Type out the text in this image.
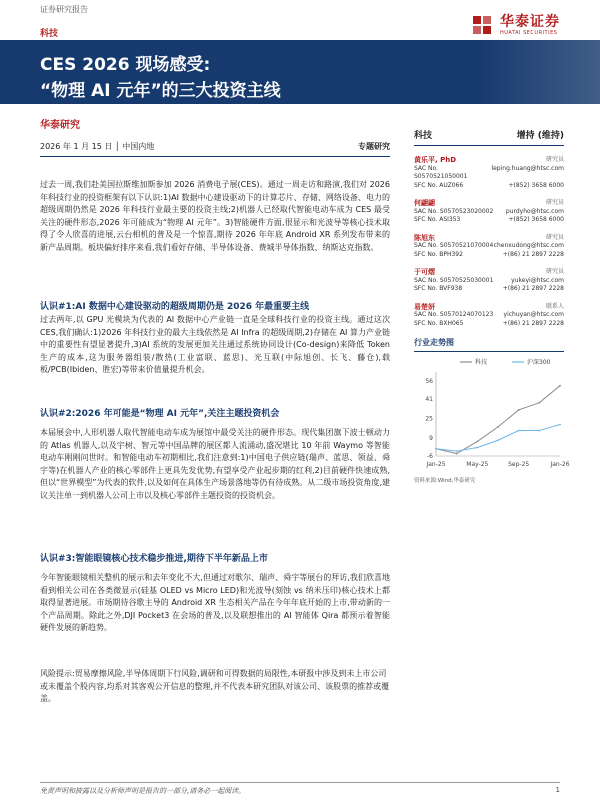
证券研究报告
科技
华泰证券
HUATAI SECURITIES
CES 2026 现场感受:
“物理 AI 元年”的三大投资主线
华泰研究
2026 年 1 月 15 日 │ 中国内地	专题研究
过去一周,我们赴美国拉斯维加斯参加 2026 消费电子展(CES)。通过一周走访和路演,我们对 2026 年科技行业的投资框架有以下认识:1)AI 数据中心建设驱动下的计算芯片、存储、网络设备、电力的超级周期仍然是 2026 年科技行业最主要的投资主线;2)机器人已经取代智能电动车成为 CES 最受关注的硬件形态,2026 年可能成为“物理 AI 元年”。3)智能硬件方面,很显示和光波导等核心技术取得了令人欣喜的进展,云台相机的普及是一个惊喜,期待 2026 年年底 Android XR 系列发布带来的新产品周期。板块偏好排序来看,我们看好存储、半导体设备、费城半导体指数、纳斯达克指数。
认识#1:AI 数据中心建设驱动的超级周期仍是 2026 年最重要主线
过去两年,以 GPU 光模块为代表的 AI 数据中心产业链一直是全球科技行业的投资主线。通过这次 CES,我们确认:1)2026 年科技行业的最大主线依然是 AI Infra 的超级周期,2)存储在 AI 算力产业链中的重要性有望显著提升,3)AI 系统的发展更加关注通过系统协同设计(Co-design)来降低 Token 生产的成本,这为服务器组装/散热(工业富联、蓝思)、光互联(中际旭创、长飞、藤仓),载板/PCB(Ibiden、胜宏)等带来价值量提升机会。
认识#2:2026 年可能是“物理 AI 元年”,关注主题投资机会
本届展会中,人形机器人取代智能电动车成为展馆中最受关注的硬件形态。现代集团旗下波士顿动力的 Atlas 机器人,以及宇树、智元等中国品牌的展区都人流涌动,盛况堪比 10 年前 Waymo 等智能电动车刚刚问世时。和智能电动车初期相比,我们注意到:1)中国电子供应链(瑞声、蓝思、领益、舜宇等)在机器人产业的核心零部件上更具先发优势,有望享受产业起步期的红利,2)目前硬件快速成熟,但以“世界模型”为代表的软件,以及如何在具体生产场景落地等仍有待成熟。从二级市场投资角度,建议关注单一到机器人公司上市以及核心零部件主题投资的投资机会。
认识#3:智能眼镜核心技术稳步推进,期待下半年新品上市
今年智能眼镜相关整机的展示和去年变化不大,但通过对歌尔、瑞声、舜宇等展台的拜访,我们欣喜地看到相关公司在各类微显示(硅基 OLED vs Micro LED)和光波导(刻蚀 vs 纳米压印)核心技术上都取得显著进展。市场期待谷歌主导的 Android XR 生态相关产品在今年年底开始的上市,带动新的一个产品周期。除此之外,DJI Pocket3 在会场的普及,以及联想推出的 AI 智能体 Qira 都预示着智能硬件发展的新趋势。
风险提示:贸易摩擦风险,半导体周期下行风险,调研和可得数据的局限性,本研报中涉及到未上市公司或未覆盖个股内容,均系对其客观公开信息的整理,并不代表本研究团队对该公司、该股票的推荐或覆盖。
科技	增持 (维持)
黄乐平, PhD	研究员
SAC No. S0570521050001
leping.huang@htsc.com
SFC No. AUZ066	+(852) 3658 6000
何翩翩	研究员
SAC No. S0570523020002 purdyho@htsc.com
SFC No. ASI353	+(852) 3658 6000
陈旭东	研究员
SAC No. S0570521070004 chenxudong@htsc.com
SFC No. BPH392	+(86) 21 2897 2228
于可熠	研究员
SAC No. S0570525030001	yukeyi@htsc.com
SFC No. BVF938	+(86) 21 2897 2228
易楚妍	联系人
SAC No. S0570124070123 yichuyan@htsc.com
SFC No. BXH065	+(86) 21 2897 2228
行业走势图
-6
9
25
41
56
Jan-25	May-25	Sep-25	Jan-26
科技	沪深300
资料来源:Wind,华泰研究
免责声明和披露以及分析师声明是报告的一部分,请务必一起阅读。	1
